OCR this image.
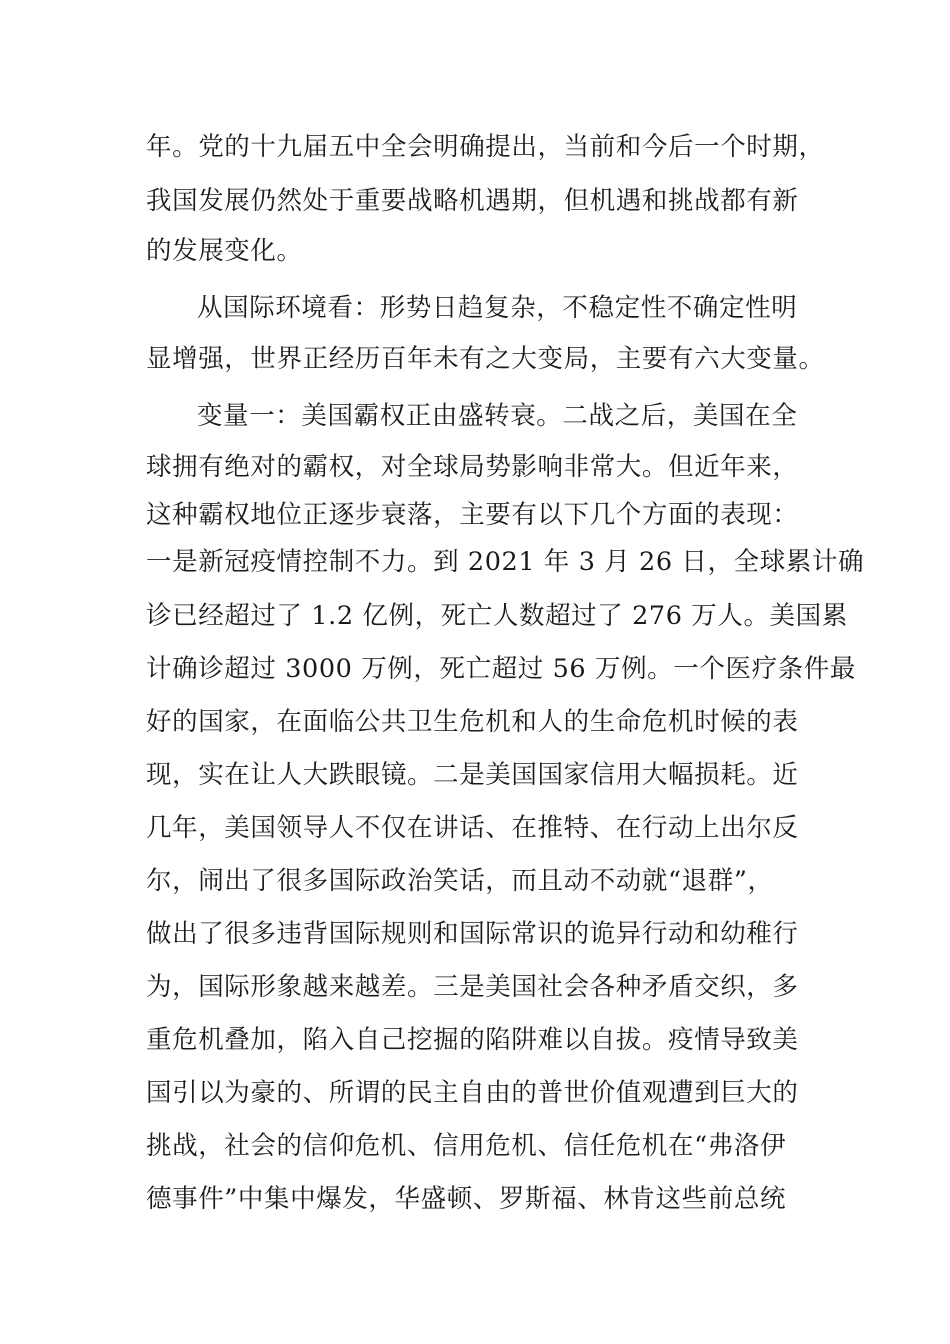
年。党的十九届五中全会明确提出，当前和今后一个时期，
我国发展仍然处于重要战略机遇期，但机遇和挑战都有新
的发展变化。
从国际环境看：形势日趋复杂，不稳定性不确定性明
显增强，世界正经历百年未有之大变局，主要有六大变量。
变量一：美国霸权正由盛转衰。二战之后，美国在全
球拥有绝对的霸权，对全球局势影响非常大。但近年来，
这种霸权地位正逐步衰落，主要有以下几个方面的表现：
一是新冠疫情控制不力。到 2021 年 3 月 26 日，全球累计确
诊已经超过了 1.2 亿例，死亡人数超过了 276 万人。美国累
计确诊超过 3000 万例，死亡超过 56 万例。一个医疗条件最
好的国家，在面临公共卫生危机和人的生命危机时候的表
现，实在让人大跌眼镜。二是美国国家信用大幅损耗。近
几年，美国领导人不仅在讲话、在推特、在行动上出尔反
尔，闹出了很多国际政治笑话，而且动不动就“退群”，
做出了很多违背国际规则和国际常识的诡异行动和幼稚行
为，国际形象越来越差。三是美国社会各种矛盾交织，多
重危机叠加，陷入自己挖掘的陷阱难以自拔。疫情导致美
国引以为豪的、所谓的民主自由的普世价值观遭到巨大的
挑战，社会的信仰危机、信用危机、信任危机在“弗洛伊
德事件”中集中爆发，华盛顿、罗斯福、林肯这些前总统
